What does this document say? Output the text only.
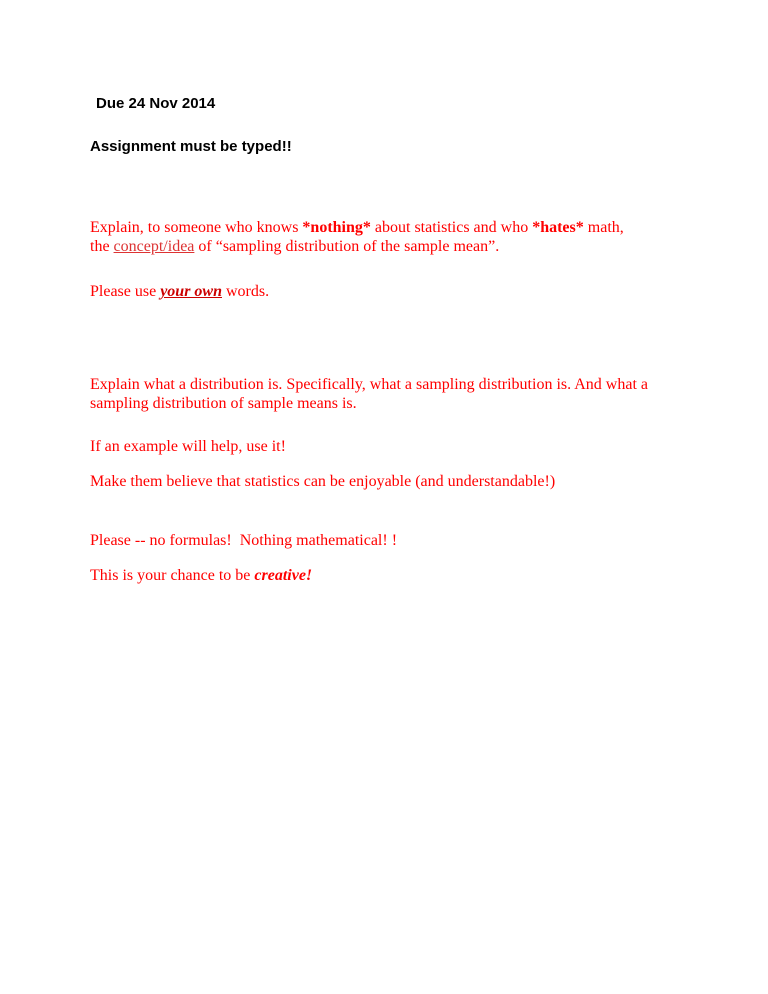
Due 24 Nov 2014
Assignment must be typed!!
Explain, to someone who knows *nothing* about statistics and who *hates* math,
the concept/idea of “sampling distribution of the sample mean”.
Please use your own words.
Explain what a distribution is. Specifically, what a sampling distribution is. And what a sampling distribution of sample means is.
If an example will help, use it!
Make them believe that statistics can be enjoyable (and understandable!)
Please -- no formulas!  Nothing mathematical! !
This is your chance to be creative!
